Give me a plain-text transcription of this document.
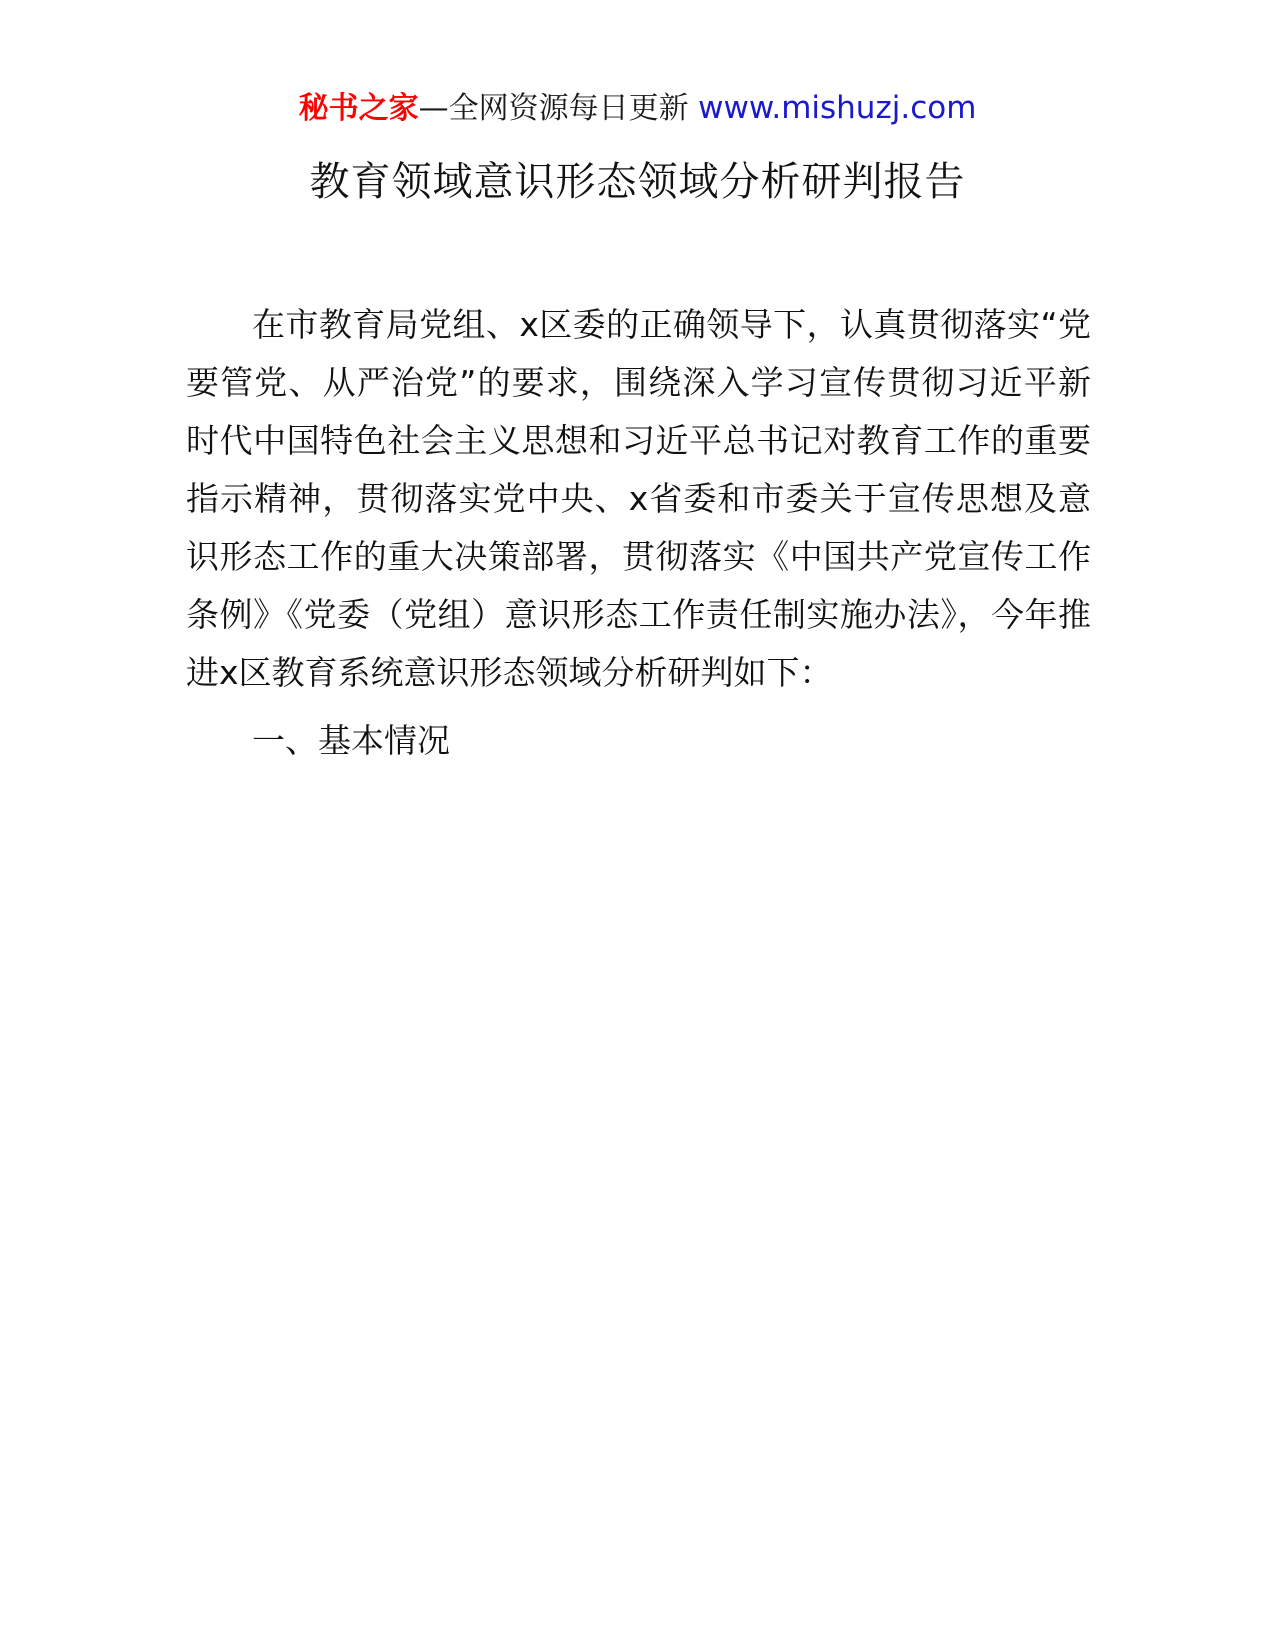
秘书之家—全网资源每日更新 www.mishuzj.com
教育领域意识形态领域分析研判报告

在市教育局党组、x区委的正确领导下，认真贯彻落实“党要管党、从严治党”的要求，围绕深入学习宣传贯彻习近平新时代中国特色社会主义思想和习近平总书记对教育工作的重要指示精神，贯彻落实党中央、x省委和市委关于宣传思想及意识形态工作的重大决策部署，贯彻落实《中国共产党宣传工作条例》《党委（党组）意识形态工作责任制实施办法》，今年推进x区教育系统意识形态领域分析研判如下：

一、基本情况
